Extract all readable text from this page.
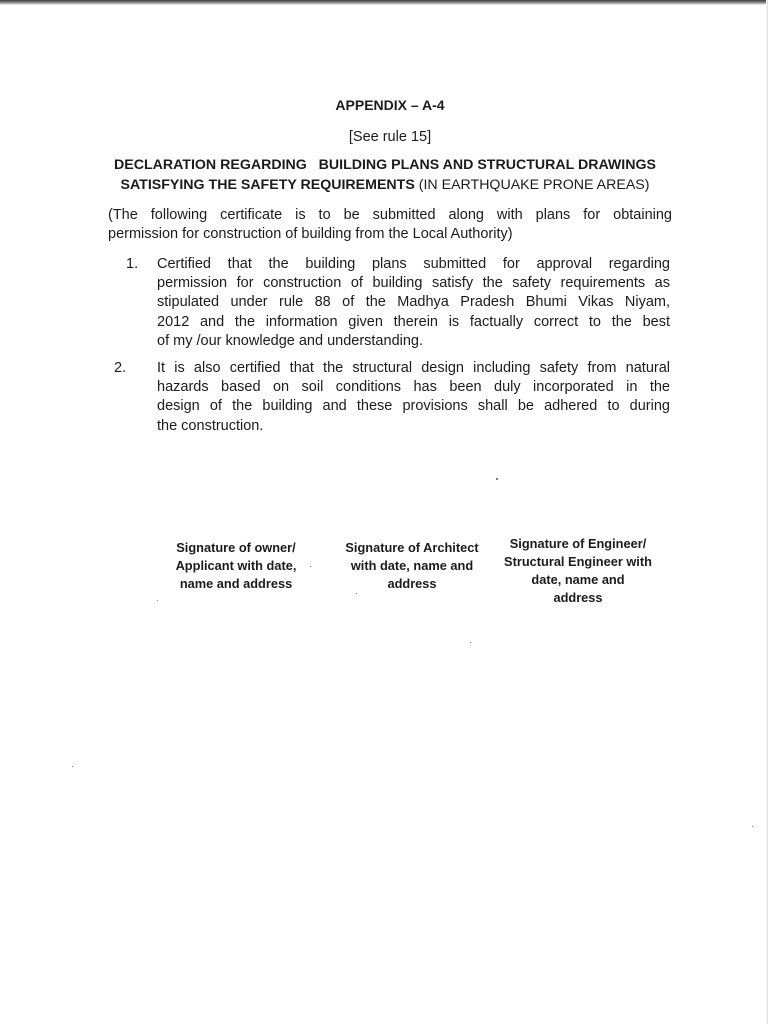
APPENDIX – A-4
[See rule 15]
DECLARATION REGARDING   BUILDING PLANS AND STRUCTURAL DRAWINGS
SATISFYING THE SAFETY REQUIREMENTS (IN EARTHQUAKE PRONE AREAS)
(The following certificate is to be submitted along with plans for obtaining
permission for construction of building from the Local Authority)
1.	Certified that the building plans submitted for approval regarding
permission for construction of building satisfy the safety requirements as
stipulated under rule 88 of the Madhya Pradesh Bhumi Vikas Niyam,
2012 and the information given therein is factually correct to the best
of my /our knowledge and understanding.
2.	It is also certified that the structural design including safety from natural
hazards based on soil conditions has been duly incorporated in the
design of the building and these provisions shall be adhered to during
the construction.
Signature of owner/
Applicant with date,
name and address
Signature of Architect
with date, name and
address
Signature of Engineer/
Structural Engineer with
date, name and
address
